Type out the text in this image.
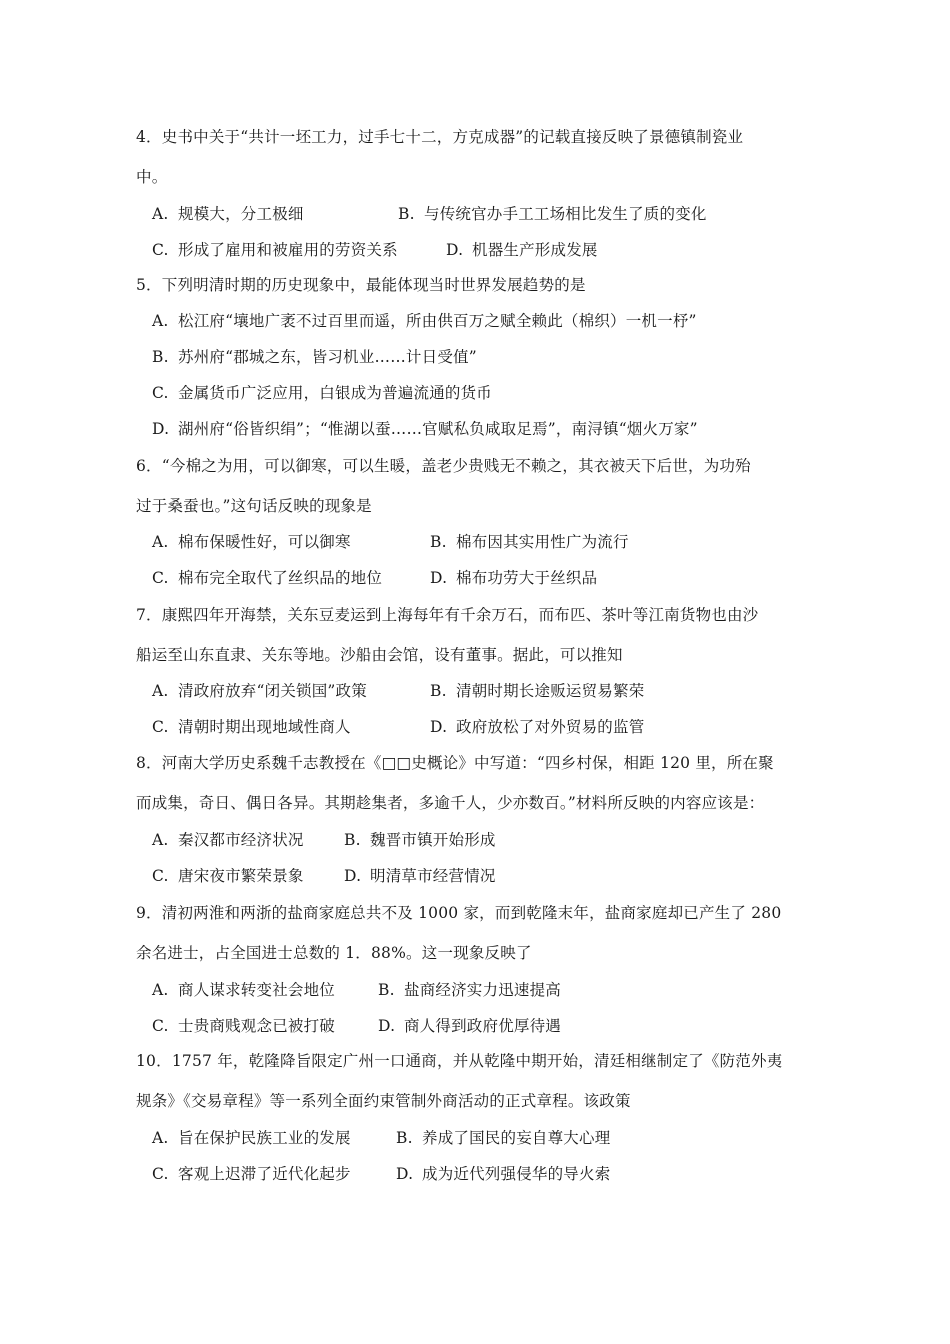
4．史书中关于“共计一坯工力，过手七十二，方克成器”的记载直接反映了景德镇制瓷业
中。
A. 规模大，分工极细	B. 与传统官办手工工场相比发生了质的变化
C. 形成了雇用和被雇用的劳资关系	D. 机器生产形成发展
5．下列明清时期的历史现象中，最能体现当时世界发展趋势的是
A. 松江府“壤地广袤不过百里而遥，所由供百万之赋全赖此（棉织）一机一杼”
B. 苏州府“郡城之东，皆习机业……计日受值”
C. 金属货币广泛应用，白银成为普遍流通的货币
D. 湖州府“俗皆织绢”；“惟湖以蚕……官赋私负咸取足焉”，南浔镇“烟火万家”
6．“今棉之为用，可以御寒，可以生暖，盖老少贵贱无不赖之，其衣被天下后世，为功殆
过于桑蚕也。”这句话反映的现象是
A. 棉布保暖性好，可以御寒	B. 棉布因其实用性广为流行
C. 棉布完全取代了丝织品的地位	D. 棉布功劳大于丝织品
7．康熙四年开海禁，关东豆麦运到上海每年有千余万石，而布匹、茶叶等江南货物也由沙
船运至山东直隶、关东等地。沙船由会馆，设有董事。据此，可以推知
A. 清政府放弃“闭关锁国”政策	B. 清朝时期长途贩运贸易繁荣
C. 清朝时期出现地域性商人	D. 政府放松了对外贸易的监管
8．河南大学历史系魏千志教授在《□□史概论》中写道：“四乡村保，相距 120 里，所在聚
而成集，奇日、偶日各异。其期趁集者，多逾千人，少亦数百。”材料所反映的内容应该是：
A. 秦汉都市经济状况	B. 魏晋市镇开始形成
C. 唐宋夜市繁荣景象	D. 明清草市经营情况
9．清初两淮和两浙的盐商家庭总共不及 1000 家，而到乾隆末年，盐商家庭却已产生了 280
余名进士，占全国进士总数的 1．88%。这一现象反映了
A. 商人谋求转变社会地位	B. 盐商经济实力迅速提高
C. 士贵商贱观念已被打破	D. 商人得到政府优厚待遇
10．1757 年，乾隆降旨限定广州一口通商，并从乾隆中期开始，清廷相继制定了《防范外夷
规条》《交易章程》等一系列全面约束管制外商活动的正式章程。该政策
A. 旨在保护民族工业的发展	B. 养成了国民的妄自尊大心理
C. 客观上迟滞了近代化起步	D. 成为近代列强侵华的导火索
